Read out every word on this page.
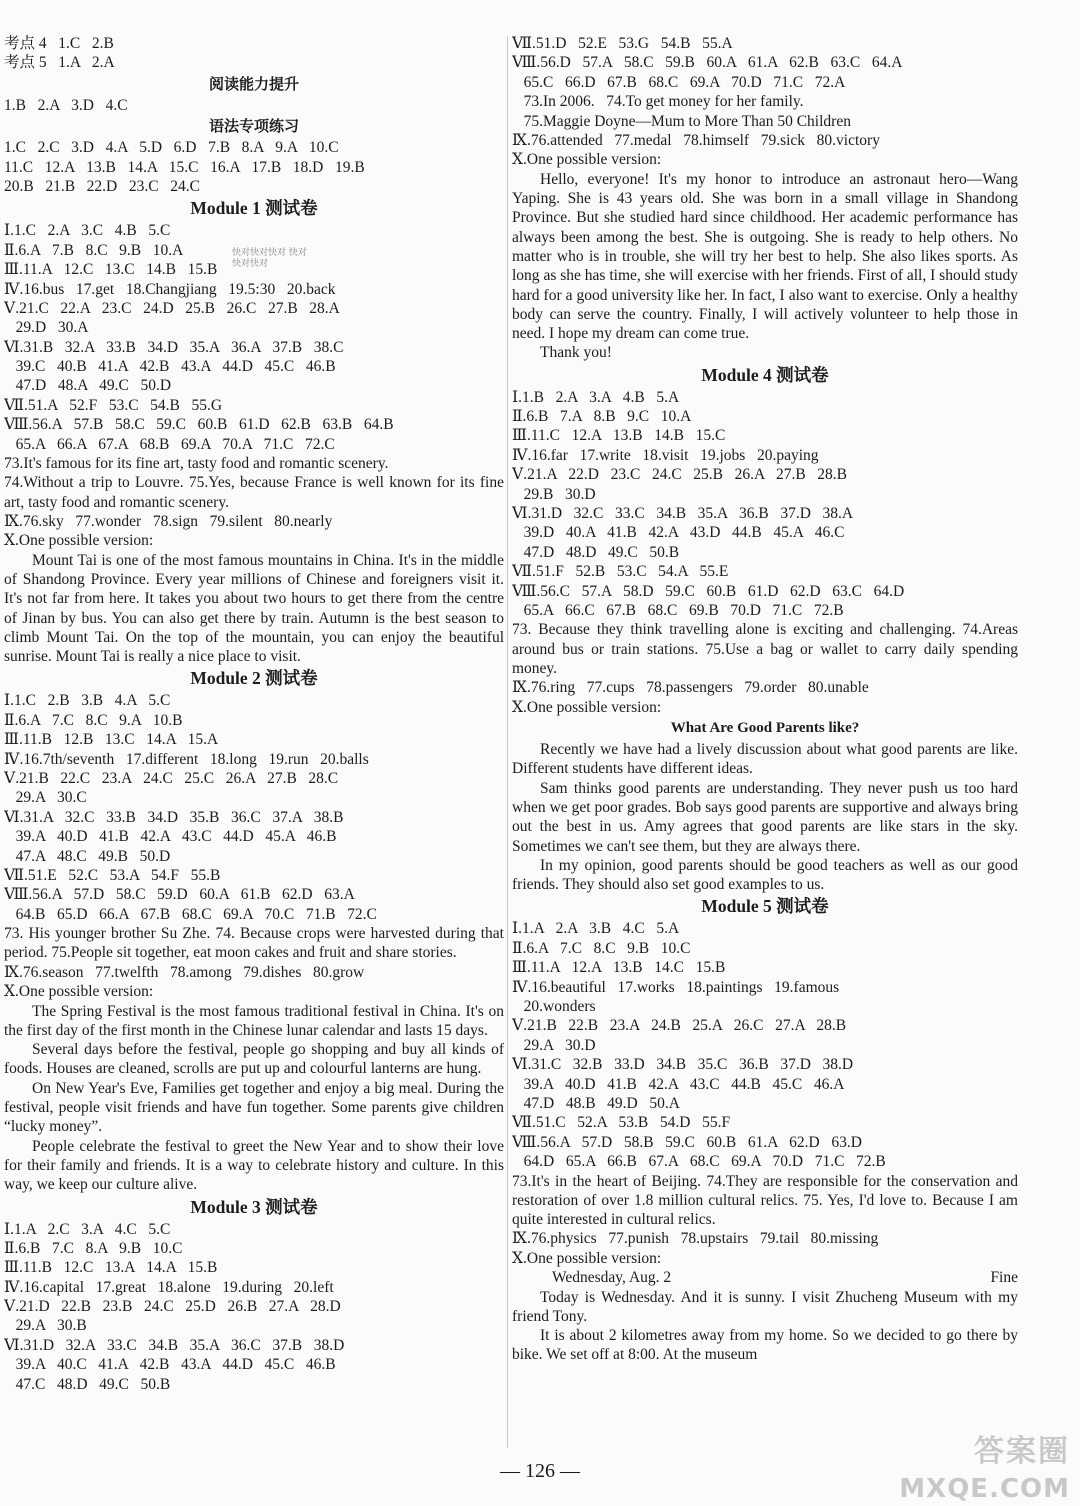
考点 4   1.C   2.B
考点 5   1.A   2.A
阅读能力提升
1.B   2.A   3.D   4.C
语法专项练习
1.C   2.C   3.D   4.A   5.D   6.D   7.B   8.A   9.A   10.C
11.C   12.A   13.B   14.A   15.C   16.A   17.B   18.D   19.B
20.B   21.B   22.D   23.C   24.C
Module 1 测试卷
Ⅰ.1.C   2.A   3.C   4.B   5.C
Ⅱ.6.A   7.B   8.C   9.B   10.A
Ⅲ.11.A   12.C   13.C   14.B   15.B
Ⅳ.16.bus   17.get   18.Changjiang   19.5:30   20.back
Ⅴ.21.C   22.A   23.C   24.D   25.B   26.C   27.B   28.A
29.D   30.A
Ⅵ.31.B   32.A   33.B   34.D   35.A   36.A   37.B   38.C
39.C   40.B   41.A   42.B   43.A   44.D   45.C   46.B
47.D   48.A   49.C   50.D
Ⅶ.51.A   52.F   53.C   54.B   55.G
Ⅷ.56.A   57.B   58.C   59.C   60.B   61.D   62.B   63.B   64.B
65.A   66.A   67.A   68.B   69.A   70.A   71.C   72.C

73.It's famous for its fine art, tasty food and romantic scenery.

74.Without a trip to Louvre. 75.Yes, because France is well known for its fine art, tasty food and romantic scenery.

Ⅸ.76.sky   77.wonder   78.sign   79.silent   80.nearly
Ⅹ.One possible version:

Mount Tai is one of the most famous mountains in China. It's in the middle of Shandong Province. Every year millions of Chinese and foreigners visit it. It's not far from here. It takes you about two hours to get there from the centre of Jinan by bus. You can also get there by train. Autumn is the best season to climb Mount Tai. On the top of the mountain, you can enjoy the beautiful sunrise. Mount Tai is really a nice place to visit.

Module 2 测试卷
Ⅰ.1.C   2.B   3.B   4.A   5.C
Ⅱ.6.A   7.C   8.C   9.A   10.B
Ⅲ.11.B   12.B   13.C   14.A   15.A
Ⅳ.16.7th/seventh   17.different   18.long   19.run   20.balls
Ⅴ.21.B   22.C   23.A   24.C   25.C   26.A   27.B   28.C
29.A   30.C
Ⅵ.31.A   32.C   33.B   34.D   35.B   36.C   37.A   38.B
39.A   40.D   41.B   42.A   43.C   44.D   45.A   46.B
47.A   48.C   49.B   50.D
Ⅶ.51.E   52.C   53.A   54.F   55.B
Ⅷ.56.A   57.D   58.C   59.D   60.A   61.B   62.D   63.A
64.B   65.D   66.A   67.B   68.C   69.A   70.C   71.B   72.C

73. His younger brother Su Zhe. 74. Because crops were harvested during that period. 75.People sit together, eat moon cakes and fruit and share stories.

Ⅸ.76.season   77.twelfth   78.among   79.dishes   80.grow
Ⅹ.One possible version:

The Spring Festival is the most famous traditional festival in China. It's on the first day of the first month in the Chinese lunar calendar and lasts 15 days.

Several days before the festival, people go shopping and buy all kinds of foods. Houses are cleaned, scrolls are put up and colourful lanterns are hung.

On New Year's Eve, Families get together and enjoy a big meal. During the festival, people visit friends and have fun together. Some parents give children “lucky money”.

People celebrate the festival to greet the New Year and to show their love for their family and friends. It is a way to celebrate history and culture. In this way, we keep our culture alive.

Module 3 测试卷
Ⅰ.1.A   2.C   3.A   4.C   5.C
Ⅱ.6.B   7.C   8.A   9.B   10.C
Ⅲ.11.B   12.C   13.A   14.A   15.B
Ⅳ.16.capital   17.great   18.alone   19.during   20.left
Ⅴ.21.D   22.B   23.B   24.C   25.D   26.B   27.A   28.D
29.A   30.B
Ⅵ.31.D   32.A   33.C   34.B   35.A   36.C   37.B   38.D
39.A   40.C   41.A   42.B   43.A   44.D   45.C   46.B
47.C   48.D   49.C   50.B
快对快对快对 快对快对快对
Ⅶ.51.D   52.E   53.G   54.B   55.A
Ⅷ.56.D   57.A   58.C   59.B   60.A   61.A   62.B   63.C   64.A
65.C   66.D   67.B   68.C   69.A   70.D   71.C   72.A
73.In 2006.   74.To get money for her family.
75.Maggie Doyne—Mum to More Than 50 Children
Ⅸ.76.attended   77.medal   78.himself   79.sick   80.victory
Ⅹ.One possible version:

Hello, everyone! It's my honor to introduce an astronaut hero—Wang Yaping. She is 43 years old. She was born in a small village in Shandong Province. But she studied hard since childhood. Her academic performance has always been among the best. She is outgoing. She is ready to help others. No matter who is in trouble, she will try her best to help. She also likes sports. As long as she has time, she will exercise with her friends. First of all, I should study hard for a good university like her. In fact, I also want to exercise. Only a healthy body can serve the country. Finally, I will actively volunteer to help those in need. I hope my dream can come true.

Thank you!

Module 4 测试卷
Ⅰ.1.B   2.A   3.A   4.B   5.A
Ⅱ.6.B   7.A   8.B   9.C   10.A
Ⅲ.11.C   12.A   13.B   14.B   15.C
Ⅳ.16.far   17.write   18.visit   19.jobs   20.paying
Ⅴ.21.A   22.D   23.C   24.C   25.B   26.A   27.B   28.B
29.B   30.D
Ⅵ.31.D   32.C   33.C   34.B   35.A   36.B   37.D   38.A
39.D   40.A   41.B   42.A   43.D   44.B   45.A   46.C
47.D   48.D   49.C   50.B
Ⅶ.51.F   52.B   53.C   54.A   55.E
Ⅷ.56.C   57.A   58.D   59.C   60.B   61.D   62.D   63.C   64.D
65.A   66.C   67.B   68.C   69.B   70.D   71.C   72.B

73. Because they think travelling alone is exciting and challenging. 74.Areas around bus or train stations. 75.Use a bag or wallet to carry daily spending money.

Ⅸ.76.ring   77.cups   78.passengers   79.order   80.unable
Ⅹ.One possible version:
What Are Good Parents like?

Recently we have had a lively discussion about what good parents are like. Different students have different ideas.

Sam thinks good parents are understanding. They never push us too hard when we get poor grades. Bob says good parents are supportive and always bring out the best in us. Amy agrees that good parents are like stars in the sky. Sometimes we can't see them, but they are always there.

In my opinion, good parents should be good teachers as well as our good friends. They should also set good examples to us.

Module 5 测试卷
Ⅰ.1.A   2.A   3.B   4.C   5.A
Ⅱ.6.A   7.C   8.C   9.B   10.C
Ⅲ.11.A   12.A   13.B   14.C   15.B
Ⅳ.16.beautiful   17.works   18.paintings   19.famous
20.wonders
Ⅴ.21.B   22.B   23.A   24.B   25.A   26.C   27.A   28.B
29.A   30.D
Ⅵ.31.C   32.B   33.D   34.B   35.C   36.B   37.D   38.D
39.A   40.D   41.B   42.A   43.C   44.B   45.C   46.A
47.D   48.B   49.D   50.A
Ⅶ.51.C   52.A   53.B   54.D   55.F
Ⅷ.56.A   57.D   58.B   59.C   60.B   61.A   62.D   63.D
64.D   65.A   66.B   67.A   68.C   69.A   70.D   71.C   72.B

73.It's in the heart of Beijing. 74.They are responsible for the conservation and restoration of over 1.8 million cultural relics. 75. Yes, I'd love to. Because I am quite interested in cultural relics.

Ⅸ.76.physics   77.punish   78.upstairs   79.tail   80.missing
Ⅹ.One possible version:
Wednesday, Aug. 2	Fine

Today is Wednesday. And it is sunny. I visit Zhucheng Museum with my friend Tony.

It is about 2 kilometres away from my home. So we decided to go there by bike. We set off at 8:00. At the museum

— 126 —
答案圈
MXQE.COM
